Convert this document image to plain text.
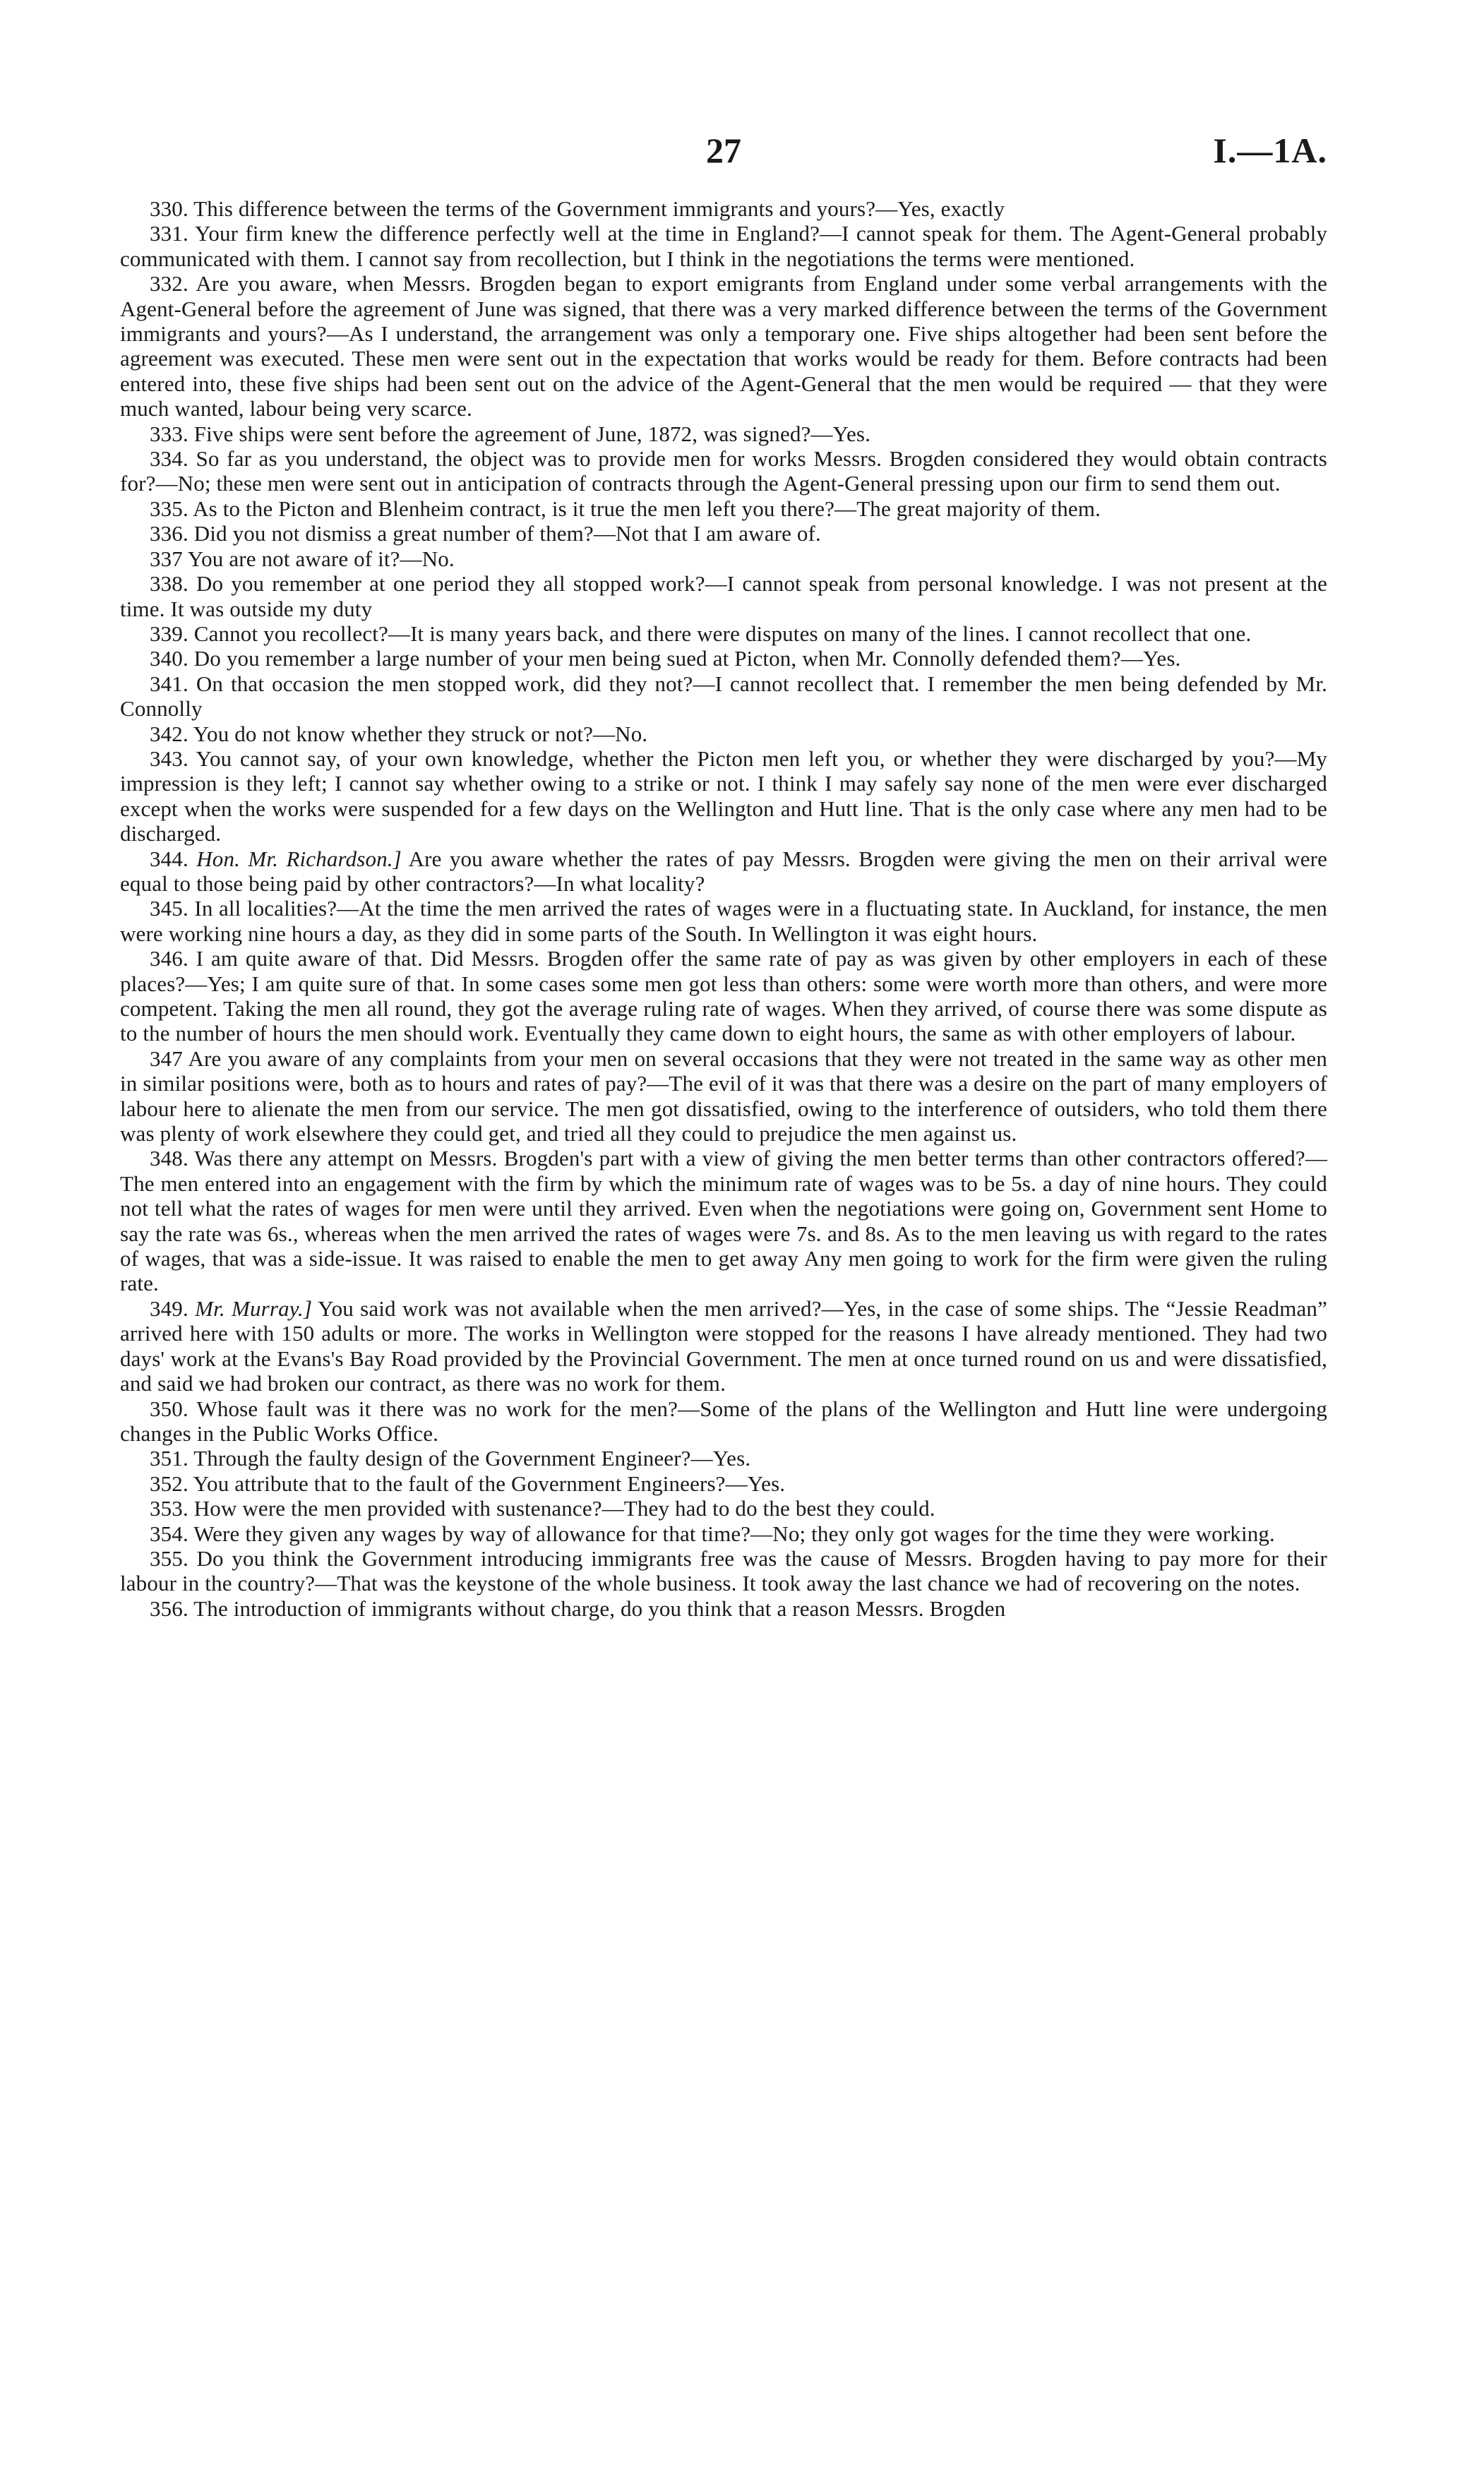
27	I.—1A.

330. This difference between the terms of the Government immigrants and yours?—Yes, exactly

331. Your firm knew the difference perfectly well at the time in England?—I cannot speak for them. The Agent-General probably communicated with them. I cannot say from recollection, but I think in the negotiations the terms were mentioned.

332. Are you aware, when Messrs. Brogden began to export emigrants from England under some verbal arrangements with the Agent-General before the agreement of June was signed, that there was a very marked difference between the terms of the Government immigrants and yours?—As I understand, the arrangement was only a temporary one. Five ships altogether had been sent before the agreement was executed. These men were sent out in the expectation that works would be ready for them. Before contracts had been entered into, these five ships had been sent out on the advice of the Agent-General that the men would be required — that they were much wanted, labour being very scarce.

333. Five ships were sent before the agreement of June, 1872, was signed?—Yes.

334. So far as you understand, the object was to provide men for works Messrs. Brogden considered they would obtain contracts for?—No; these men were sent out in anticipation of contracts through the Agent-General pressing upon our firm to send them out.

335. As to the Picton and Blenheim contract, is it true the men left you there?—The great majority of them.

336. Did you not dismiss a great number of them?—Not that I am aware of.

337 You are not aware of it?—No.

338. Do you remember at one period they all stopped work?—I cannot speak from personal knowledge. I was not present at the time. It was outside my duty

339. Cannot you recollect?—It is many years back, and there were disputes on many of the lines. I cannot recollect that one.

340. Do you remember a large number of your men being sued at Picton, when Mr. Connolly defended them?—Yes.

341. On that occasion the men stopped work, did they not?—I cannot recollect that. I remember the men being defended by Mr. Connolly

342. You do not know whether they struck or not?—No.

343. You cannot say, of your own knowledge, whether the Picton men left you, or whether they were discharged by you?—My impression is they left; I cannot say whether owing to a strike or not. I think I may safely say none of the men were ever discharged except when the works were suspended for a few days on the Wellington and Hutt line. That is the only case where any men had to be discharged.

344. Hon. Mr. Richardson.] Are you aware whether the rates of pay Messrs. Brogden were giving the men on their arrival were equal to those being paid by other contractors?—In what locality?

345. In all localities?—At the time the men arrived the rates of wages were in a fluctuating state. In Auckland, for instance, the men were working nine hours a day, as they did in some parts of the South. In Wellington it was eight hours.

346. I am quite aware of that. Did Messrs. Brogden offer the same rate of pay as was given by other employers in each of these places?—Yes; I am quite sure of that. In some cases some men got less than others: some were worth more than others, and were more competent. Taking the men all round, they got the average ruling rate of wages. When they arrived, of course there was some dispute as to the number of hours the men should work. Eventually they came down to eight hours, the same as with other employers of labour.

347 Are you aware of any complaints from your men on several occasions that they were not treated in the same way as other men in similar positions were, both as to hours and rates of pay?—The evil of it was that there was a desire on the part of many employers of labour here to alienate the men from our service. The men got dissatisfied, owing to the interference of outsiders, who told them there was plenty of work elsewhere they could get, and tried all they could to prejudice the men against us.

348. Was there any attempt on Messrs. Brogden's part with a view of giving the men better terms than other contractors offered?—The men entered into an engagement with the firm by which the minimum rate of wages was to be 5s. a day of nine hours. They could not tell what the rates of wages for men were until they arrived. Even when the negotiations were going on, Government sent Home to say the rate was 6s., whereas when the men arrived the rates of wages were 7s. and 8s. As to the men leaving us with regard to the rates of wages, that was a side-issue. It was raised to enable the men to get away Any men going to work for the firm were given the ruling rate.

349. Mr. Murray.] You said work was not available when the men arrived?—Yes, in the case of some ships. The “Jessie Readman” arrived here with 150 adults or more. The works in Wellington were stopped for the reasons I have already mentioned. They had two days' work at the Evans's Bay Road provided by the Provincial Government. The men at once turned round on us and were dissatisfied, and said we had broken our contract, as there was no work for them.

350. Whose fault was it there was no work for the men?—Some of the plans of the Wellington and Hutt line were undergoing changes in the Public Works Office.

351. Through the faulty design of the Government Engineer?—Yes.

352. You attribute that to the fault of the Government Engineers?—Yes.

353. How were the men provided with sustenance?—They had to do the best they could.

354. Were they given any wages by way of allowance for that time?—No; they only got wages for the time they were working.

355. Do you think the Government introducing immigrants free was the cause of Messrs. Brogden having to pay more for their labour in the country?—That was the keystone of the whole business. It took away the last chance we had of recovering on the notes.

356. The introduction of immigrants without charge, do you think that a reason Messrs. Brogden
